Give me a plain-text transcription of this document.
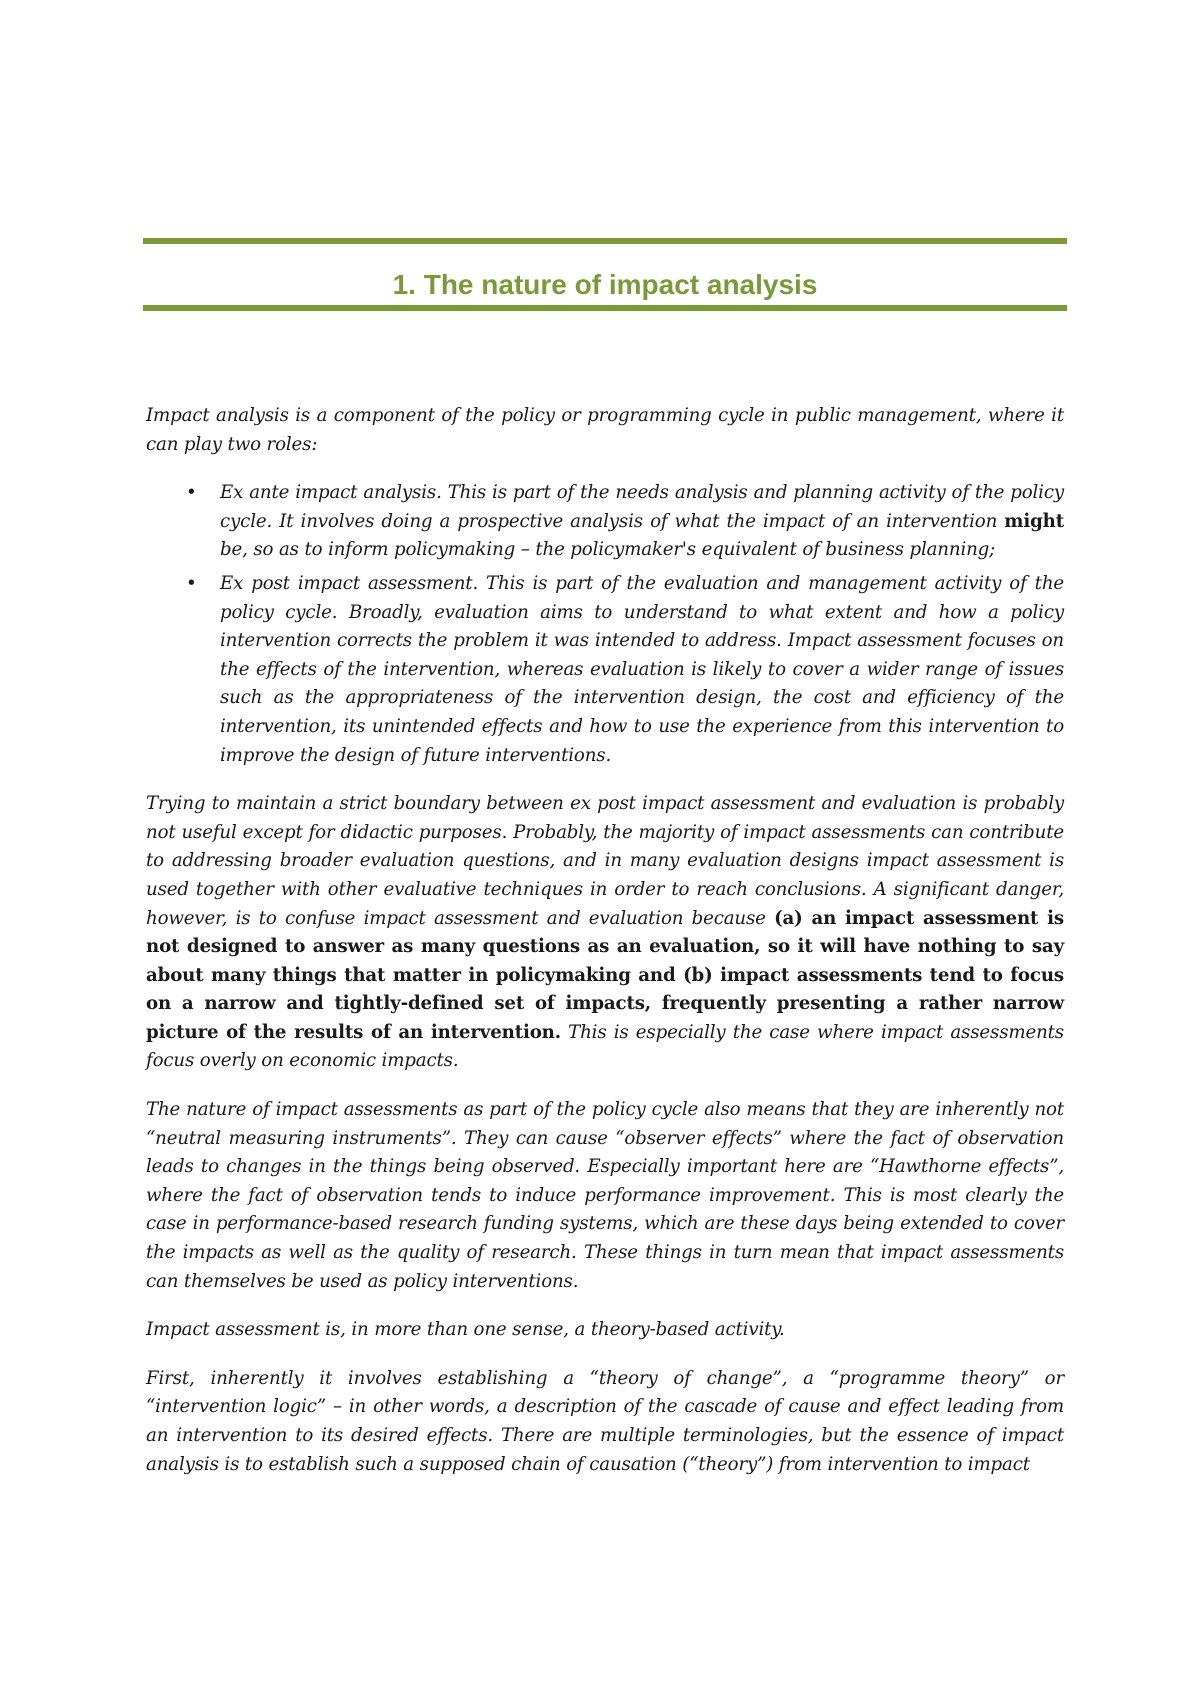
1. The nature of impact analysis

Impact analysis is a component of the policy or programming cycle in public management, where it can play two roles:

• Ex ante impact analysis. This is part of the needs analysis and planning activity of the policy cycle. It involves doing a prospective analysis of what the impact of an intervention might be, so as to inform policymaking – the policymaker's equivalent of business planning;
• Ex post impact assessment. This is part of the evaluation and management activity of the policy cycle. Broadly, evaluation aims to understand to what extent and how a policy intervention corrects the problem it was intended to address. Impact assessment focuses on the effects of the intervention, whereas evaluation is likely to cover a wider range of issues such as the appropriateness of the intervention design, the cost and efficiency of the intervention, its unintended effects and how to use the experience from this intervention to improve the design of future interventions.

Trying to maintain a strict boundary between ex post impact assessment and evaluation is probably not useful except for didactic purposes. Probably, the majority of impact assessments can contribute to addressing broader evaluation questions, and in many evaluation designs impact assessment is used together with other evaluative techniques in order to reach conclusions. A significant danger, however, is to confuse impact assessment and evaluation because (a) an impact assessment is not designed to answer as many questions as an evaluation, so it will have nothing to say about many things that matter in policymaking and (b) impact assessments tend to focus on a narrow and tightly-defined set of impacts, frequently presenting a rather narrow picture of the results of an intervention. This is especially the case where impact assessments focus overly on economic impacts.

The nature of impact assessments as part of the policy cycle also means that they are inherently not “neutral measuring instruments”. They can cause “observer effects” where the fact of observation leads to changes in the things being observed. Especially important here are “Hawthorne effects”, where the fact of observation tends to induce performance improvement. This is most clearly the case in performance-based research funding systems, which are these days being extended to cover the impacts as well as the quality of research. These things in turn mean that impact assessments can themselves be used as policy interventions.

Impact assessment is, in more than one sense, a theory-based activity.

First, inherently it involves establishing a “theory of change”, a “programme theory” or “intervention logic” – in other words, a description of the cascade of cause and effect leading from an intervention to its desired effects. There are multiple terminologies, but the essence of impact analysis is to establish such a supposed chain of causation (“theory”) from intervention to impact
